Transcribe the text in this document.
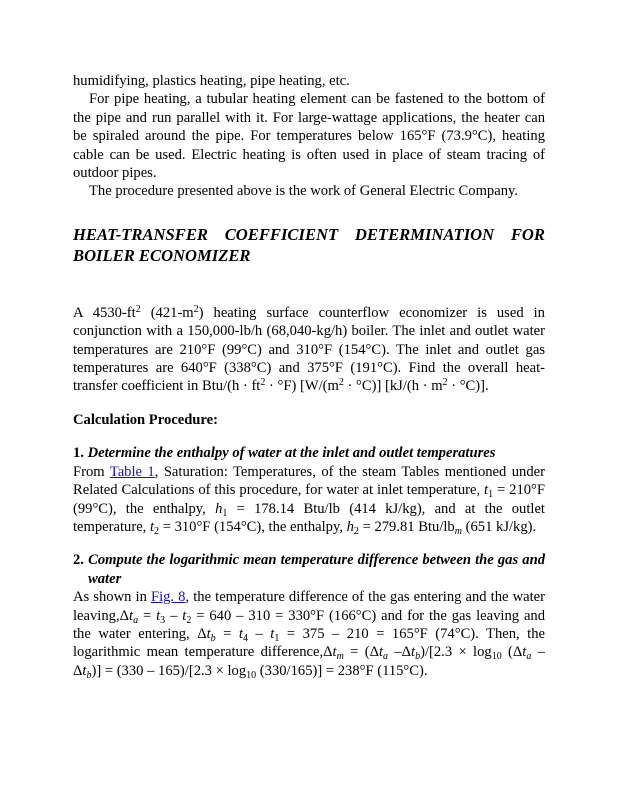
humidifying, plastics heating, pipe heating, etc.

For pipe heating, a tubular heating element can be fastened to the bottom of the pipe and run parallel with it. For large-wattage applications, the heater can be spiraled around the pipe. For temperatures below 165°F (73.9°C), heating cable can be used. Electric heating is often used in place of steam tracing of outdoor pipes.

The procedure presented above is the work of General Electric Company.

HEAT-TRANSFER COEFFICIENT DETERMINATION FOR BOILER ECONOMIZER

A $4530-ft^2$ $(421-m^2)$ heating surface counterflow economizer is used in conjunction with a 150,000-lb/h (68,040-kg/h) boiler. The inlet and outlet water temperatures are 210°F (99°C) and 310°F (154°C). The inlet and outlet gas temperatures are 640°F (338°C) and 375°F (191°C). Find the overall heat-transfer coefficient in $Btu/(h \cdot ft^2 \cdot ^\circ F)$ $[W/(m^2 \cdot ^\circ C)] [kJ/(h \cdot m^2 \cdot ^\circ C)]$.

Calculation Procedure:

1. Determine the enthalpy of water at the inlet and outlet temperatures

From Table 1, Saturation: Temperatures, of the steam Tables mentioned under Related Calculations of this procedure, for water at inlet temperature, $t_1 = 210^\circ F$ (99°C), the enthalpy, $h_1 = 178.14$ Btu/lb (414 kJ/kg), and at the outlet temperature, $t_2 = 310^\circ F$ (154°C), the enthalpy, $h_2 = 279.81$ Btu/$lb_m$ (651 kJ/kg).

2. Compute the logarithmic mean temperature difference between the gas and water

As shown in Fig. 8, the temperature difference of the gas entering and the water $leaving,\Delta t_a = t_3 - t_2 = 640 - 310 = 330^\circ F$ (166°C) and for the gas leaving and the water entering, $\Delta t_b = t_4 - t_1 = 375 - 210 = 165^\circ F$ (74°C). Then, the logarithmic mean temperature $difference,\Delta t_m = (\Delta t_a$ $-\Delta t_b)/[2.3 \times \log_{10} (\Delta t_a$ $-\Delta t_b)] = (330 - 165)/[2.3 \times \log_{10} (330/165)] = 238^\circ F$ (115°C).
